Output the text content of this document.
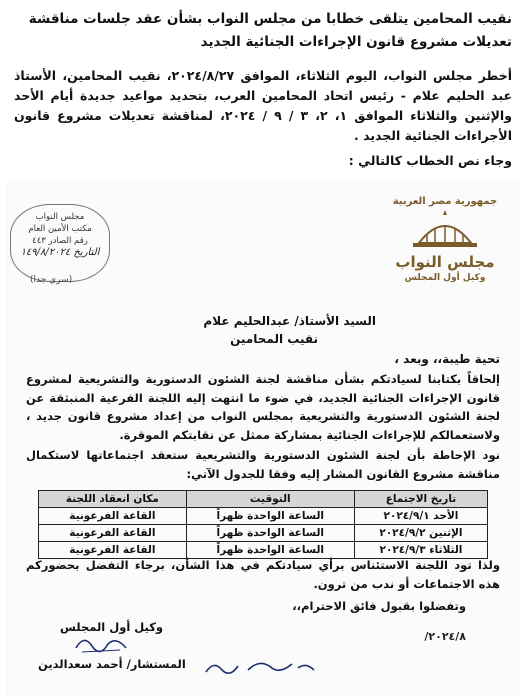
نقيب المحامين يتلقى خطابا من مجلس النواب بشأن عقد جلسات مناقشة تعديلات مشروع قانون الإجراءات الجنائية الجديد
أخطر مجلس النواب، اليوم الثلاثاء، الموافق ٢٠٢٤/٨/٢٧، نقيب المحامين، الأستاذ عبد الحليم علام - رئيس اتحاد المحامين العرب، بتحديد مواعيد جديدة أيام الأحد والإثنين والثلاثاء الموافق ١، ٢، ٣ / ٩ / ٢٠٢٤، لمناقشة تعديلات مشروع قانون الأجراءات الجنائية الجديد .
وجاء نص الخطاب كالتالي :
جمهورية مصر العربية
مجلس النواب
وكيل أول المجلس
مجلس النواب
مكتب الأمين العام
رقم الصادر ٤٤٣
التاريخ ١٤٩/٨/٢٠٢٤
(سري جدا)
السيد الأستاذ/ عبدالحليم علام
نقيب المحامين
تحية طيبة،، وبعد ،
إلحاقاً بكتابنا لسيادتكم بشأن مناقشة لجنة الشئون الدستورية والتشريعية لمشروع قانون الإجراءات الجنائية الجديد، في ضوء ما انتهت إليه اللجنة الفرعية المنبثقة عن لجنة الشئون الدستورية والتشريعية بمجلس النواب من إعداد مشروع قانون جديد ، ولاستعمالكم للإجراءات الجنائية بمشاركة ممثل عن نقابتكم الموقرة.
نود الإحاطة بأن لجنة الشئون الدستورية والتشريعية ستعقد اجتماعاتها لاستكمال مناقشة مشروع القانون المشار إليه وفقا للجدول الآتي:
تاريخ الاجتماع	التوقيت	مكان انعقاد اللجنة
الأحد ٢٠٢٤/٩/١	الساعة الواحدة ظهراً	القاعة الفرعونية
الإثنين ٢٠٢٤/٩/٢	الساعة الواحدة ظهراً	القاعة الفرعونية
الثلاثاء ٢٠٢٤/٩/٣	الساعة الواحدة ظهراً	القاعة الفرعونية
ولذا تود اللجنة الاستئناس برأي سيادتكم في هذا الشأن، برجاء التفضل بحضوركم هذه الاجتماعات أو ندب من ترون.
وتفضلوا بقبول فائق الاحترام،،
وكيل أول المجلس
المستشار/ أحمد سعدالدين
٢٠٢٤/٨/
